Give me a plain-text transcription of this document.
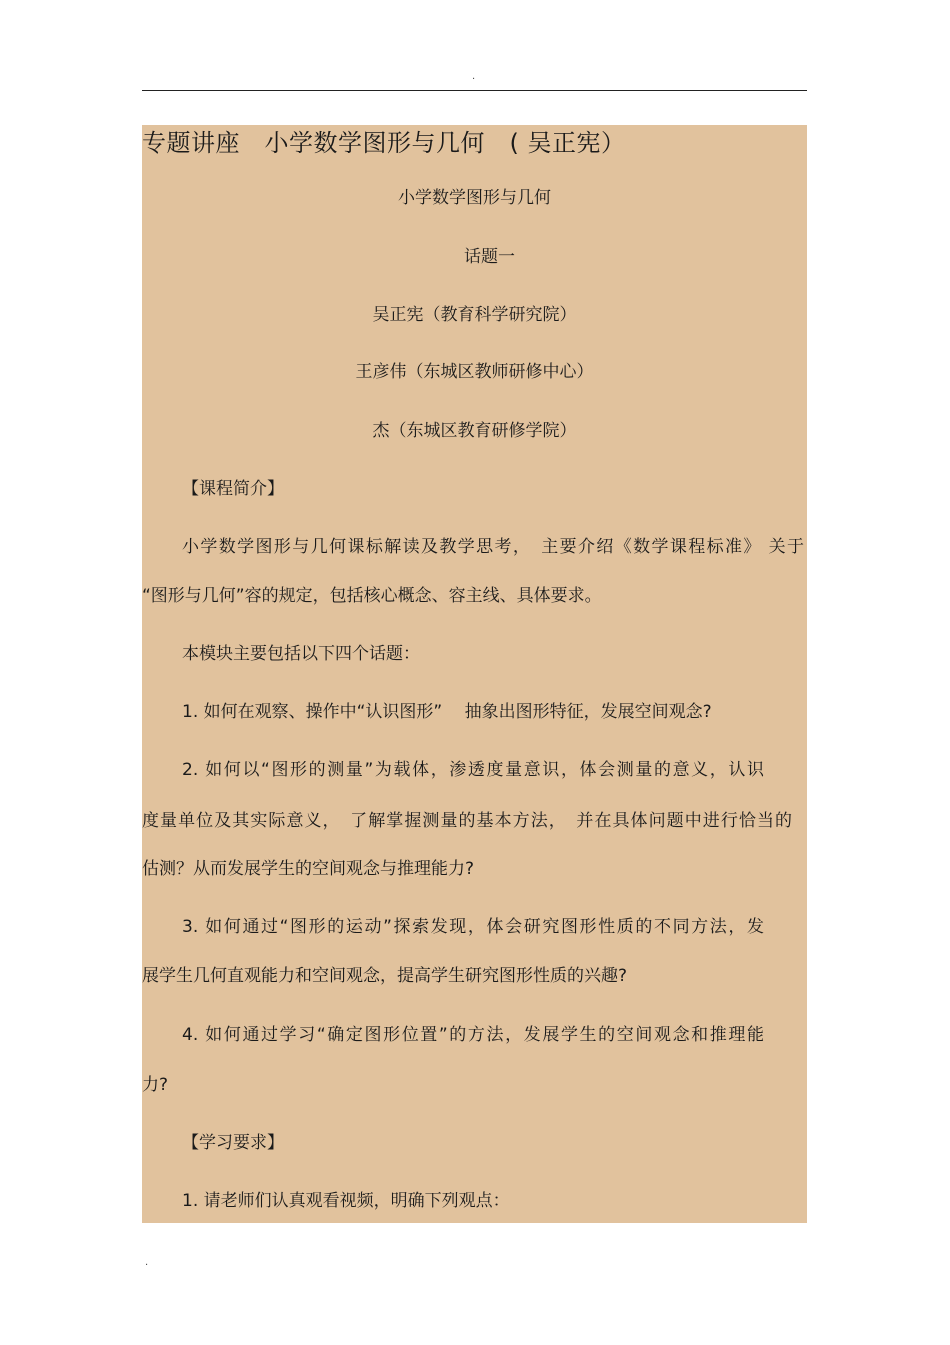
.
专题讲座　小学数学图形与几何　( 吴正宪）
小学数学图形与几何
话题一
吴正宪（教育科学研究院）
王彦伟（东城区教师研修中心）
杰（东城区教育研修学院）
【课程简介】
小学数学图形与几何课标解读及教学思考，　主要介绍《数学课程标准》 关于
“图形与几何”容的规定，包括核心概念、容主线、具体要求。
本模块主要包括以下四个话题：
1. 如何在观察、操作中“认识图形”　 抽象出图形特征，发展空间观念?
2. 如何以“图形的测量”为载体，渗透度量意识，体会测量的意义，认识
度量单位及其实际意义，　了解掌握测量的基本方法，　并在具体问题中进行恰当的
估测？从而发展学生的空间观念与推理能力?
3. 如何通过“图形的运动”探索发现，体会研究图形性质的不同方法，发
展学生几何直观能力和空间观念，提高学生研究图形性质的兴趣?
4. 如何通过学习“确定图形位置”的方法，发展学生的空间观念和推理能
力?
【学习要求】
1. 请老师们认真观看视频，明确下列观点：
.
